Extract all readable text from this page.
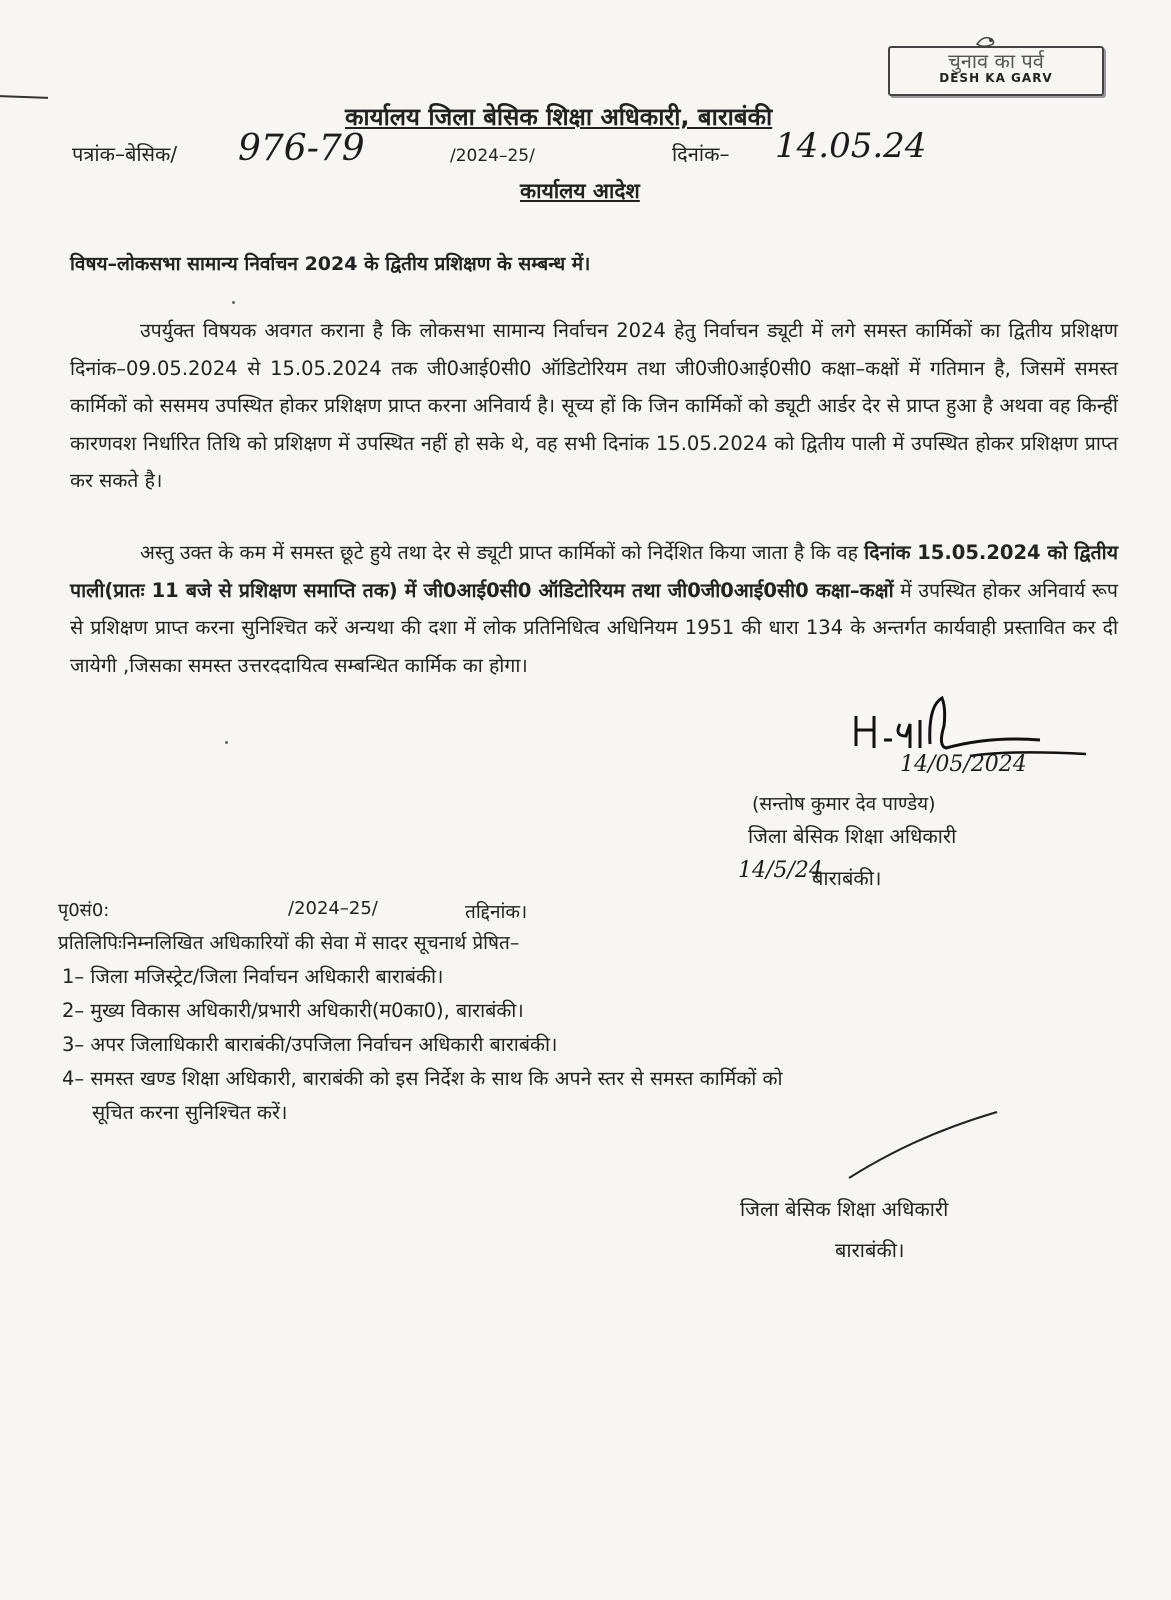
चुनाव का पर्व
DESH KA GARV
कार्यालय जिला बेसिक शिक्षा अधिकारी, बाराबंकी
पत्रांक–बेसिक/ 976-79	/2024–25/	दिनांक– 14.05.24
कार्यालय आदेश
विषय–लोकसभा सामान्य निर्वाचन 2024 के द्वितीय प्रशिक्षण के सम्बन्ध में।

उपर्युक्त विषयक अवगत कराना है कि लोकसभा सामान्य निर्वाचन 2024 हेतु निर्वाचन ड्यूटी में लगे समस्त कार्मिकों का द्वितीय प्रशिक्षण दिनांक–09.05.2024 से 15.05.2024 तक जी0आई0सी0 ऑडिटोरियम तथा जी0जी0आई0सी0 कक्षा–कक्षों में गतिमान है, जिसमें समस्त कार्मिकों को ससमय उपस्थित होकर प्रशिक्षण प्राप्त करना अनिवार्य है। सूच्य हों कि जिन कार्मिकों को ड्यूटी आर्डर देर से प्राप्त हुआ है अथवा वह किन्हीं कारणवश निर्धारित तिथि को प्रशिक्षण में उपस्थित नहीं हो सके थे, वह सभी दिनांक 15.05.2024 को द्वितीय पाली में उपस्थित होकर प्रशिक्षण प्राप्त कर सकते है।

अस्तु उक्त के कम में समस्त छूटे हुये तथा देर से ड्यूटी प्राप्त कार्मिकों को निर्देशित किया जाता है कि वह दिनांक 15.05.2024 को द्वितीय पाली(प्रातः 11 बजे से प्रशिक्षण समाप्ति तक) में जी0आई0सी0 ऑडिटोरियम तथा जी0जी0आई0सी0 कक्षा–कक्षों में उपस्थित होकर अनिवार्य रूप से प्रशिक्षण प्राप्त करना सुनिश्चित करें अन्यथा की दशा में लोक प्रतिनिधित्व अधिनियम 1951 की धारा 134 के अन्तर्गत कार्यवाही प्रस्तावित कर दी जायेगी ,जिसका समस्त उत्तरददायित्व सम्बन्धित कार्मिक का होगा।

14/05/2024
(सन्तोष कुमार देव पाण्डेय)
जिला बेसिक शिक्षा अधिकारी
14/5/24
बाराबंकी।
पृ0सं0:	/2024–25/	तद्दिनांक।
प्रतिलिपिःनिम्नलिखित अधिकारियों की सेवा में सादर सूचनार्थ प्रेषित–
1– जिला मजिस्ट्रेट/जिला निर्वाचन अधिकारी बाराबंकी।
2– मुख्य विकास अधिकारी/प्रभारी अधिकारी(म0का0), बाराबंकी।
3– अपर जिलाधिकारी बाराबंकी/उपजिला निर्वाचन अधिकारी बाराबंकी।
4– समस्त खण्ड शिक्षा अधिकारी, बाराबंकी को इस निर्देश के साथ कि अपने स्तर से समस्त कार्मिकों को
सूचित करना सुनिश्चित करें।
जिला बेसिक शिक्षा अधिकारी
बाराबंकी।
